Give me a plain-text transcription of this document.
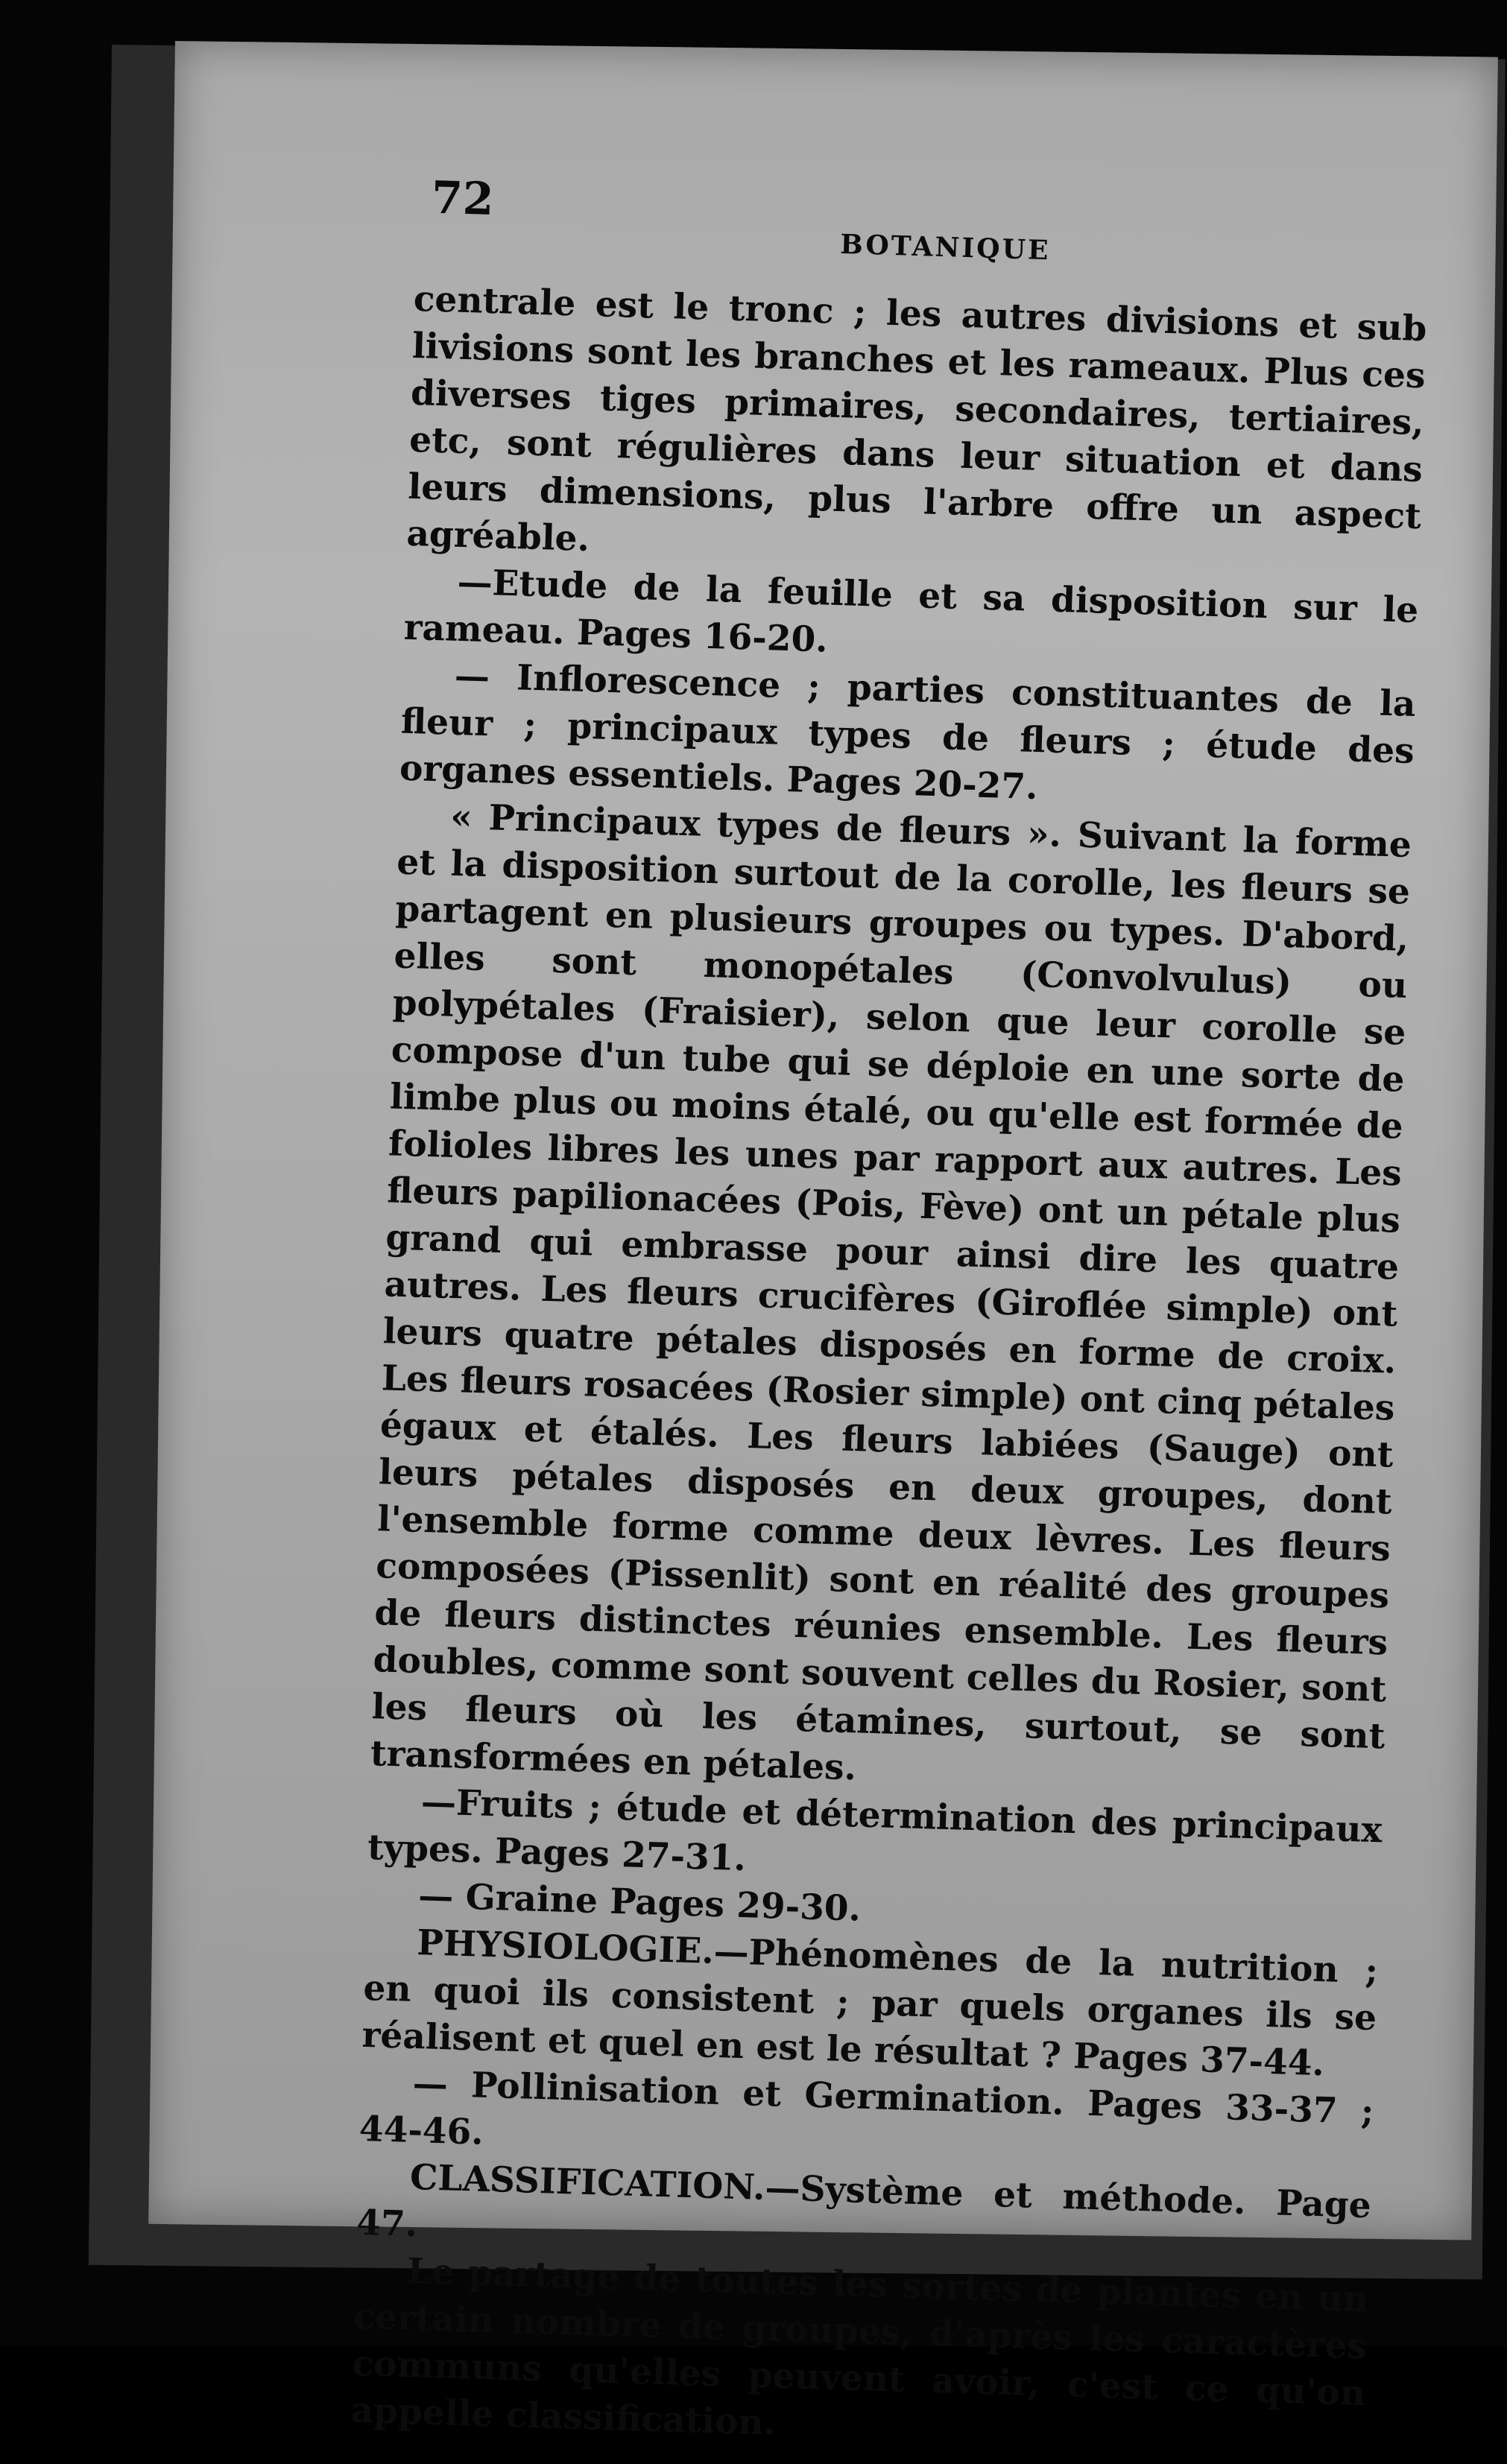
72
BOTANIQUE

centrale est le tronc ; les autres divisions et sub livisions sont les branches et les rameaux. Plus ces diverses tiges primaires, secondaires, tertiaires, etc, sont régulières dans leur situation et dans leurs dimensions, plus l'arbre offre un aspect agréable.

—Etude de la feuille et sa disposition sur le rameau. Pages 16-20.

— Inflorescence ; parties constituantes de la fleur ; principaux types de fleurs ; étude des organes essentiels. Pages 20-27.

« Principaux types de fleurs ». Suivant la forme et la disposition surtout de la corolle, les fleurs se partagent en plusieurs groupes ou types. D'abord, elles sont monopétales (Convolvulus) ou polypétales (Fraisier), selon que leur corolle se compose d'un tube qui se déploie en une sorte de limbe plus ou moins étalé, ou qu'elle est formée de folioles libres les unes par rapport aux autres. Les fleurs papilionacées (Pois, Fève) ont un pétale plus grand qui embrasse pour ainsi dire les quatre autres. Les fleurs crucifères (Giroflée simple) ont leurs quatre pétales disposés en forme de croix. Les fleurs rosacées (Rosier simple) ont cinq pétales égaux et étalés. Les fleurs labiées (Sauge) ont leurs pétales disposés en deux groupes, dont l'ensemble forme comme deux lèvres. Les fleurs composées (Pissenlit) sont en réalité des groupes de fleurs distinctes réunies ensemble. Les fleurs doubles, comme sont souvent celles du Rosier, sont les fleurs où les étamines, surtout, se sont transformées en pétales.

—Fruits ; étude et détermination des principaux types. Pages 27-31.

— Graine Pages 29-30.

PHYSIOLOGIE.—Phénomènes de la nutrition ; en quoi ils consistent ; par quels organes ils se réalisent et quel en est le résultat ? Pages 37-44.

— Pollinisation et Germination. Pages 33-37 ; 44-46.

CLASSIFICATION.—Système et méthode. Page 47.

Le partage de toutes les sortes de plantes en un certain nombre de groupes, d'après les caractères communs qu'elles peuvent avoir, c'est ce qu'on appelle classification.
